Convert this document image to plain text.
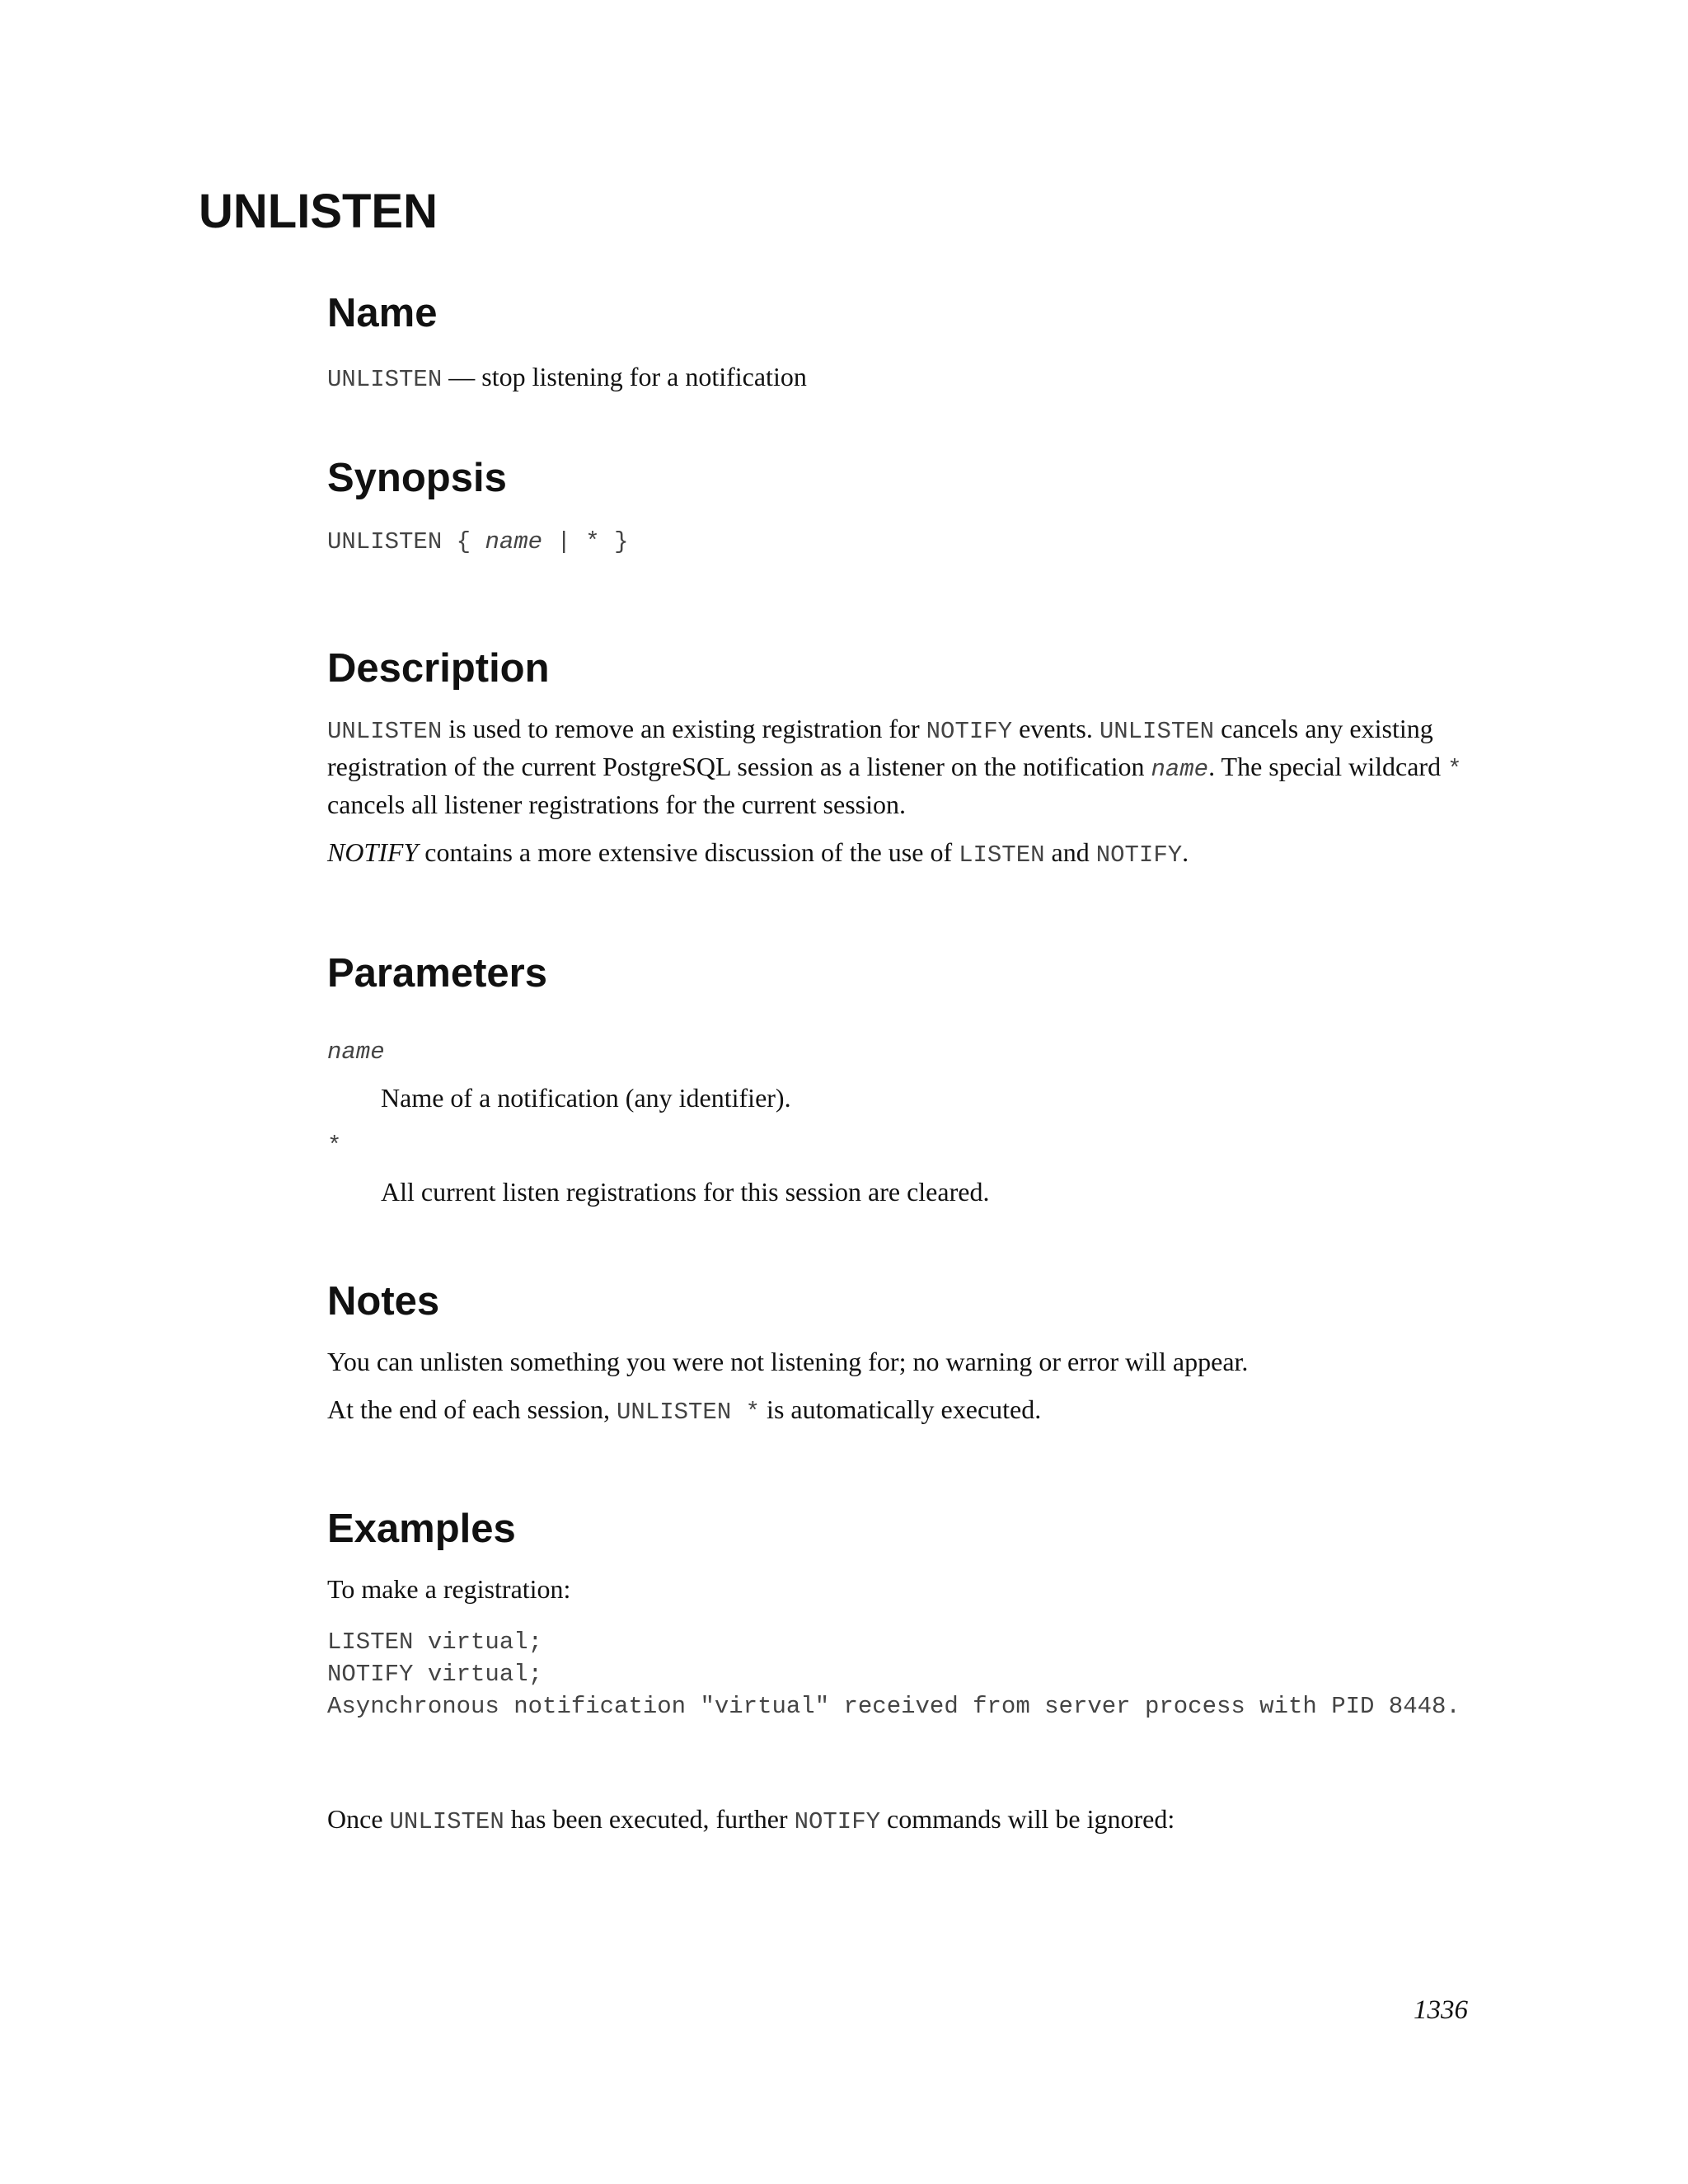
UNLISTEN
Name

UNLISTEN — stop listening for a notification

Synopsis
UNLISTEN { name | * }
Description

UNLISTEN is used to remove an existing registration for NOTIFY events. UNLISTEN cancels any existing registration of the current PostgreSQL session as a listener on the notification name. The special wildcard * cancels all listener registrations for the current session.

NOTIFY contains a more extensive discussion of the use of LISTEN and NOTIFY.

Parameters
name
Name of a notification (any identifier).
*
All current listen registrations for this session are cleared.
Notes

You can unlisten something you were not listening for; no warning or error will appear.

At the end of each session, UNLISTEN * is automatically executed.

Examples

To make a registration:

LISTEN virtual;
NOTIFY virtual;
Asynchronous notification "virtual" received from server process with PID 8448.

Once UNLISTEN has been executed, further NOTIFY commands will be ignored:

1336
